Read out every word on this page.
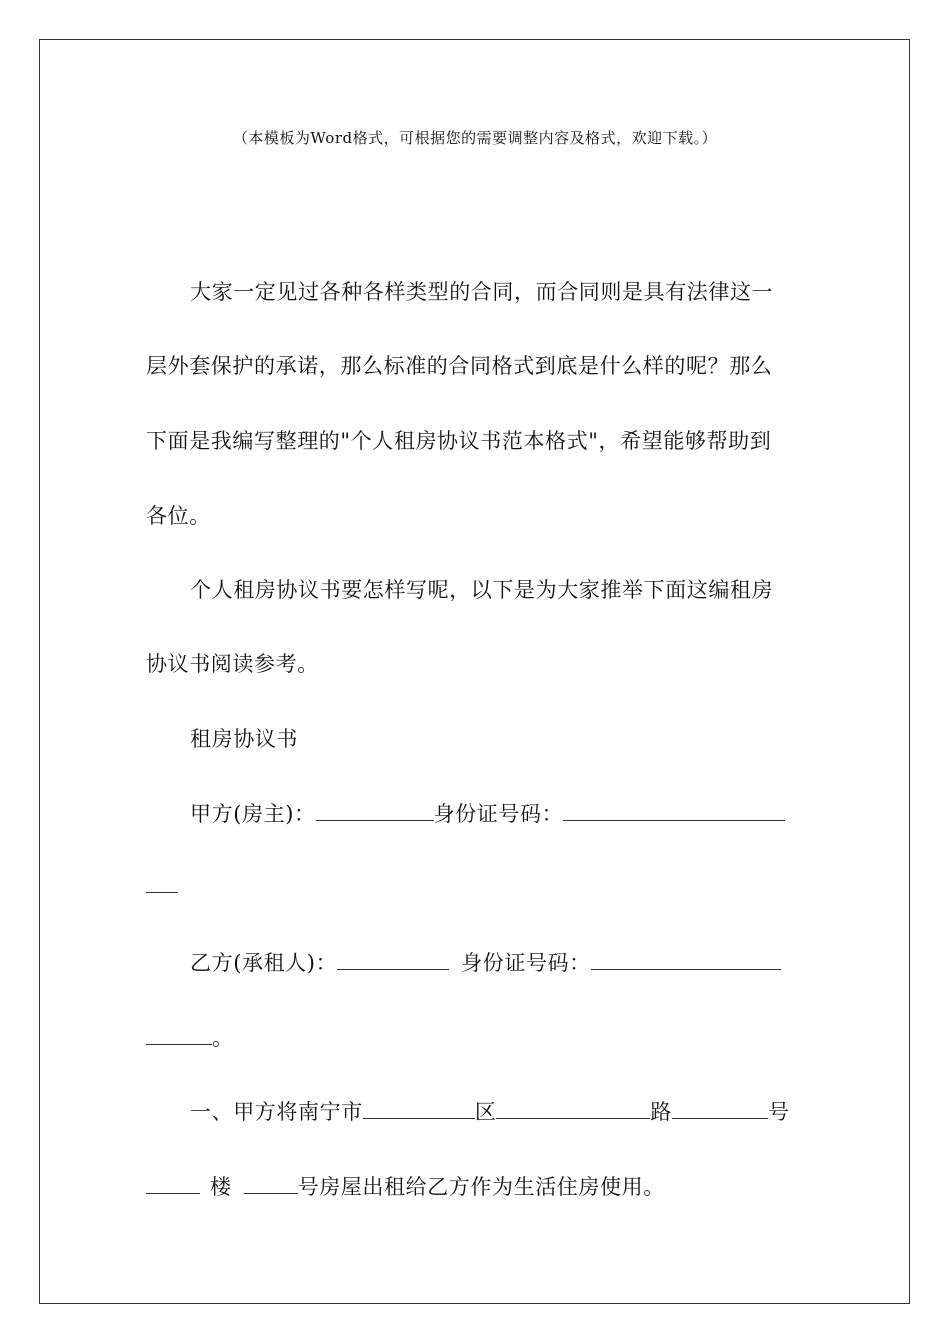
（本模板为Word格式，可根据您的需要调整内容及格式，欢迎下载。）
大家一定见过各种各样类型的合同，而合同则是具有法律这一
层外套保护的承诺，那么标准的合同格式到底是什么样的呢？那么
下面是我编写整理的"个人租房协议书范本格式"，希望能够帮助到
各位。
个人租房协议书要怎样写呢，以下是为大家推举下面这编租房
协议书阅读参考。
租房协议书
甲方(房主)：	身份证号码：
乙方(承租人)：	身份证号码：
。
一、甲方将南宁市	区	路	号
楼	号房屋出租给乙方作为生活住房使用。
